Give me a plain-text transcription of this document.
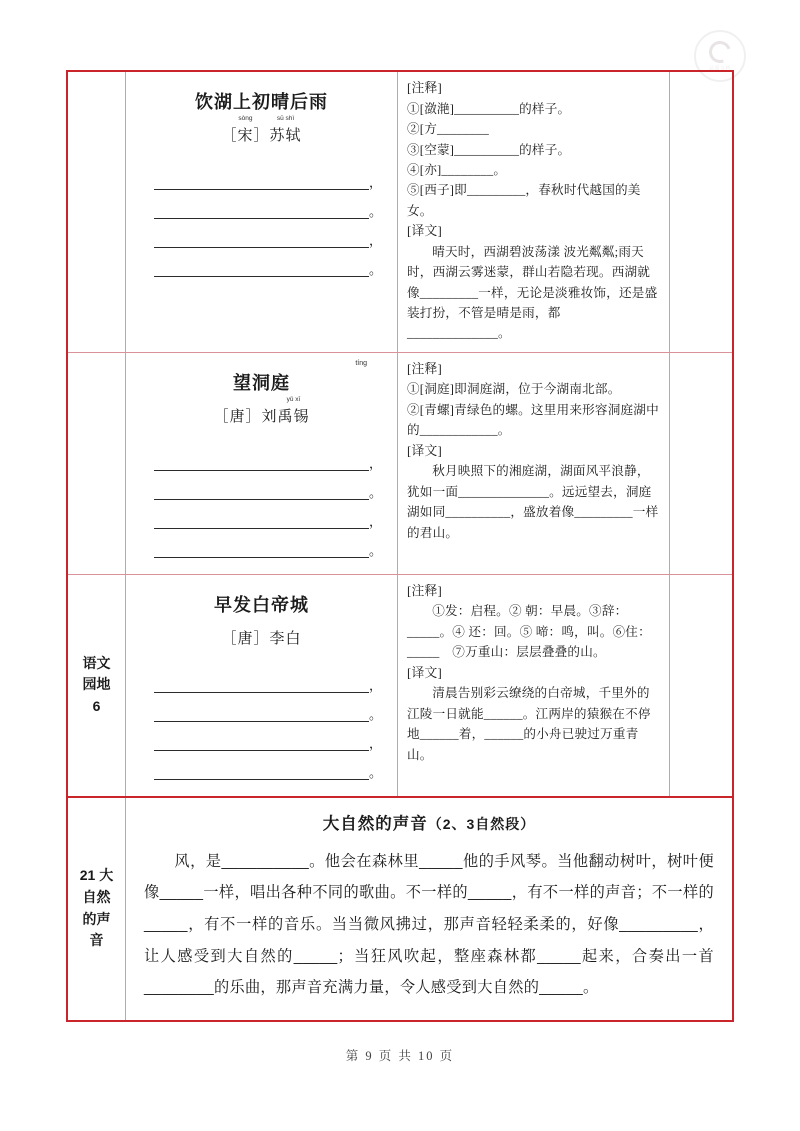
品质文档
饮湖上初晴后雨
sòng
［宋］
sū shì
苏轼
，
。
，
。

[注释]

①[潋滟]__________的样子。

②[方________

③[空蒙]__________的样子。

④[亦]________。

⑤[西子]即_________，春秋时代越国的美女。

[译文]

晴天时，西湖碧波荡漾 波光粼粼;雨天时，西湖云雾迷蒙，群山若隐若现。西湖就像_________一样，无论是淡雅妆饰，还是盛装打扮，不管是晴是雨，都______________。

望洞庭
tíng
［唐］刘
yǔ xī
禹锡
，
。
，
。

[注释]

①[洞庭]即洞庭湖，位于今湖南北部。

②[青螺]青绿色的螺。这里用来形容洞庭湖中的____________。

[译文]

秋月映照下的湘庭湖，湖面风平浪静，犹如一面______________。远远望去，洞庭湖如同__________，盛放着像_________一样的君山。

语文园地6
早发白帝城
［唐］李白
，
。
，
。

[注释]

①发：启程。② 朝：早晨。③辞：_____。④ 还：回。⑤ 啼：鸣，叫。⑥住：_____　⑦万重山：层层叠叠的山。

[译文]

清晨告别彩云缭绕的白帝城，千里外的江陵一日就能______。江两岸的猿猴在不停地______着，______的小舟已驶过万重青山。

21 大自然的声音
大自然的声音（2、3自然段）
风，是__________。他会在森林里_____他的手风琴。当他翻动树叶，树叶便像_____一样，唱出各种不同的歌曲。不一样的_____，有不一样的声音；不一样的_____，有不一样的音乐。当当微风拂过，那声音轻轻柔柔的，好像_________，让人感受到大自然的_____；当狂风吹起，整座森林都_____起来，合奏出一首________的乐曲，那声音充满力量，令人感受到大自然的_____。
第 9 页 共 10 页
